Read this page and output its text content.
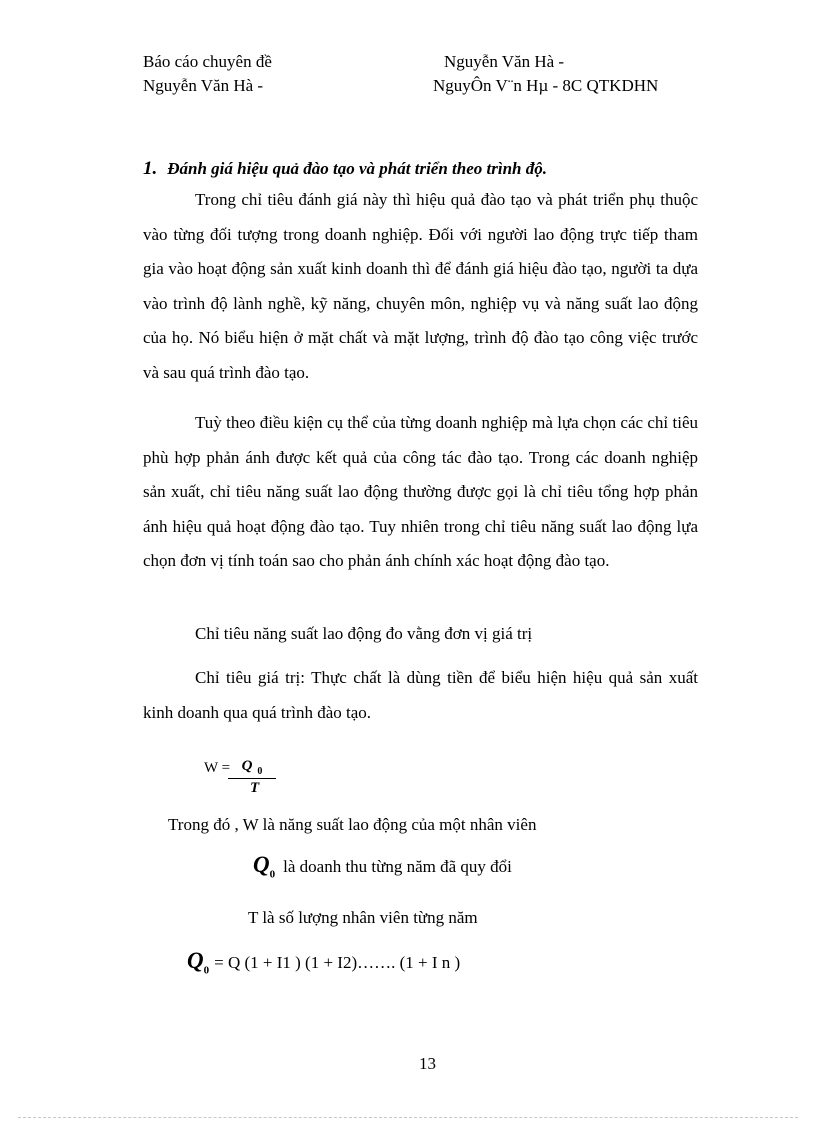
Báo cáo chuyên đề
Nguyễn Văn Hà -
Nguyễn Văn Hà -
NguyÔn V¨n Hµ - 8C QTKDHN
1. Đánh giá hiệu quả đào tạo và phát triển theo trình độ.
Trong chỉ tiêu đánh giá này thì hiệu quả đào tạo và phát triển phụ thuộc vào từng đối tượng trong doanh nghiệp. Đối với người lao động trực tiếp tham gia vào hoạt động sản xuất kinh doanh thì để đánh giá hiệu đào tạo, người ta dựa vào trình độ lành nghề, kỹ năng, chuyên môn, nghiệp vụ và năng suất lao động của họ. Nó biểu hiện ở mặt chất và mặt lượng, trình độ đào tạo công việc trước và sau quá trình đào tạo.
Tuỳ theo điều kiện cụ thể của từng doanh nghiệp mà lựa chọn các chỉ tiêu phù hợp phản ánh được kết quả của công tác đào tạo. Trong các doanh nghiệp sản xuất, chỉ tiêu năng suất lao động thường được gọi là chỉ tiêu tổng hợp phản ánh hiệu quả hoạt động đào tạo. Tuy nhiên trong chỉ tiêu năng suất lao động lựa chọn đơn vị tính toán sao cho phản ánh chính xác hoạt động đào tạo.
Chỉ tiêu năng suất lao động đo vằng đơn vị giá trị
Chỉ tiêu giá trị: Thực chất là dùng tiền để biểu hiện hiệu quả sản xuất kinh doanh qua quá trình đào tạo.
W =
$\frac{Q _0}{T}$
Trong đó , W là năng suất lao động của một nhân viên
$Q_0$ là doanh thu từng năm đã quy đổi
T là số lượng nhân viên từng năm
$Q_0 = Q$ (1 + I1 ) (1 + I2)……. (1 + I n )
13
